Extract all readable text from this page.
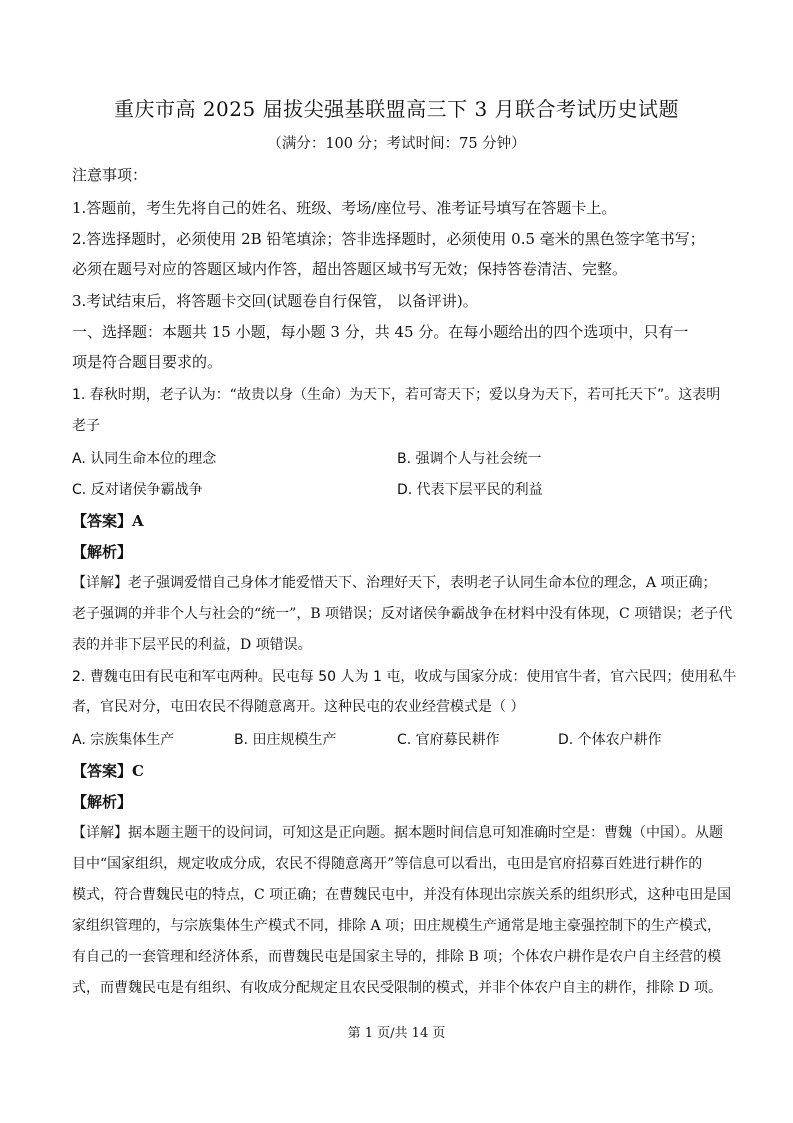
重庆市高 2025 届拔尖强基联盟高三下 3 月联合考试历史试题
（满分：100 分；考试时间：75 分钟）
注意事项：
1.答题前，考生先将自己的姓名、班级、考场/座位号、准考证号填写在答题卡上。
2.答选择题时，必须使用 2B 铅笔填涂；答非选择题时，必须使用 0.5 毫米的黑色签字笔书写；
必须在题号对应的答题区域内作答，超出答题区域书写无效；保持答卷清洁、完整。
3.考试结束后，将答题卡交回(试题卷自行保管， 以备评讲)。
一、选择题：本题共 15 小题，每小题 3 分，共 45 分。在每小题给出的四个选项中，只有一
项是符合题目要求的。
1. 春秋时期，老子认为：“故贵以身（生命）为天下，若可寄天下；爱以身为天下，若可托天下”。这表明
老子
A. 认同生命本位的理念	B. 强调个人与社会统一
C. 反对诸侯争霸战争	D. 代表下层平民的利益
【答案】A
【解析】
【详解】老子强调爱惜自己身体才能爱惜天下、治理好天下，表明老子认同生命本位的理念，A 项正确；
老子强调的并非个人与社会的“统一”，B 项错误；反对诸侯争霸战争在材料中没有体现，C 项错误；老子代
表的并非下层平民的利益，D 项错误。
2. 曹魏屯田有民屯和军屯两种。民屯每 50 人为 1 屯，收成与国家分成：使用官牛者，官六民四；使用私牛
者，官民对分，屯田农民不得随意离开。这种民屯的农业经营模式是（ ）
A. 宗族集体生产	B. 田庄规模生产	C. 官府募民耕作	D. 个体农户耕作
【答案】C
【解析】
【详解】据本题主题干的设问词，可知这是正向题。据本题时间信息可知准确时空是：曹魏（中国）。从题
目中“国家组织，规定收成分成，农民不得随意离开”等信息可以看出，屯田是官府招募百姓进行耕作的
模式，符合曹魏民屯的特点，C 项正确；在曹魏民屯中，并没有体现出宗族关系的组织形式，这种屯田是国
家组织管理的，与宗族集体生产模式不同，排除 A 项；田庄规模生产通常是地主豪强控制下的生产模式，
有自己的一套管理和经济体系，而曹魏民屯是国家主导的，排除 B 项；个体农户耕作是农户自主经营的模
式，而曹魏民屯是有组织、有收成分配规定且农民受限制的模式，并非个体农户自主的耕作，排除 D 项。
第 1 页/共 14 页
